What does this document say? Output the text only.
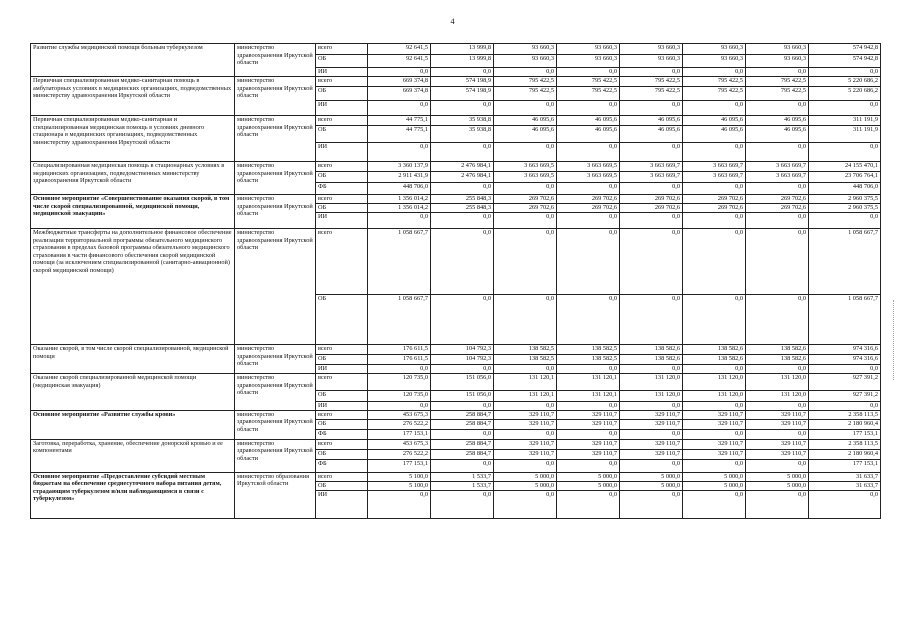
4
Развитие службы медицинской помощи больным туберкулезом	министерство здравоохранения Иркутской области	всего	92 641,5	13 999,8	93 660,3	93 660,3	93 660,3	93 660,3	93 660,3	574 942,8
		ОБ	92 641,5	13 999,8	93 660,3	93 660,3	93 660,3	93 660,3	93 660,3	574 942,8
		ИИ	0,0	0,0	0,0	0,0	0,0	0,0	0,0	0,0
Первичная специализированная медико-санитарная помощь в амбулаторных условиях в медицинских организациях, подведомственных министерству здравоохранения Иркутской области	министерство здравоохранения Иркутской области	всего	669 374,8	574 198,9	795 422,5	795 422,5	795 422,5	795 422,5	795 422,5	5 220 686,2
		ОБ	669 374,8	574 198,9	795 422,5	795 422,5	795 422,5	795 422,5	795 422,5	5 220 686,2
		ИИ	0,0	0,0	0,0	0,0	0,0	0,0	0,0	0,0
Первичная специализированная медико-санитарная и специализированная медицинская помощь в условиях дневного стационара в медицинских организациях, подведомственных министерству здравоохранения Иркутской области	министерство здравоохранения Иркутской области	всего	44 775,1	35 938,8	46 095,6	46 095,6	46 095,6	46 095,6	46 095,6	311 191,9
		ОБ	44 775,1	35 938,8	46 095,6	46 095,6	46 095,6	46 095,6	46 095,6	311 191,9
		ИИ	0,0	0,0	0,0	0,0	0,0	0,0	0,0	0,0
Специализированная медицинская помощь в стационарных условиях в медицинских организациях, подведомственных министерству здравоохранения Иркутской области	министерство здравоохранения Иркутской области	всего	3 360 137,9	2 476 984,1	3 663 669,5	3 663 669,5	3 663 669,7	3 663 669,7	3 663 669,7	24 155 470,1
		ОБ	2 911 431,9	2 476 984,1	3 663 669,5	3 663 669,5	3 663 669,7	3 663 669,7	3 663 669,7	23 706 764,1
		ФБ	448 706,0	0,0	0,0	0,0	0,0	0,0	0,0	448 706,0
Основное мероприятие «Совершенствование оказания скорой, в том числе скорой специализированной, медицинской помощи, медицинской эвакуации»	министерство здравоохранения Иркутской области	всего	1 356 014,2	255 848,3	269 702,6	269 702,6	269 702,6	269 702,6	269 702,6	2 960 375,5
		ОБ	1 356 014,2	255 848,3	269 702,6	269 702,6	269 702,6	269 702,6	269 702,6	2 960 375,5
		ИИ	0,0	0,0	0,0	0,0	0,0	0,0	0,0	0,0
Межбюджетные трансферты на дополнительное финансовое обеспечение реализации территориальной программы обязательного медицинского страхования в пределах базовой программы обязательного медицинского страхования в части финансового обеспечения скорой медицинской помощи (за исключением специализированной (санитарно-авиационной) скорой медицинской помощи)	министерство здравоохранения Иркутской области	всего	1 058 667,7	0,0	0,0	0,0	0,0	0,0	0,0	1 058 667,7
		ОБ	1 058 667,7	0,0	0,0	0,0	0,0	0,0	0,0	1 058 667,7
Оказание скорой, в том числе скорой специализированной, медицинской помощи	министерство здравоохранения Иркутской области	всего	176 611,5	104 792,3	138 582,5	138 582,5	138 582,6	138 582,6	138 582,6	974 316,6
		ОБ	176 611,5	104 792,3	138 582,5	138 582,5	138 582,6	138 582,6	138 582,6	974 316,6
		ИИ	0,0	0,0	0,0	0,0	0,0	0,0	0,0	0,0
Оказание скорой специализированной медицинской помощи (медицинская эвакуация)	министерство здравоохранения Иркутской области	всего	120 735,0	151 056,0	131 120,1	131 120,1	131 120,0	131 120,0	131 120,0	927 391,2
		ОБ	120 735,0	151 056,0	131 120,1	131 120,1	131 120,0	131 120,0	131 120,0	927 391,2
		ИИ	0,0	0,0	0,0	0,0	0,0	0,0	0,0	0,0
Основное мероприятие «Развитие службы крови»	министерство здравоохранения Иркутской области	всего	453 675,3	258 884,7	329 110,7	329 110,7	329 110,7	329 110,7	329 110,7	2 358 113,5
		ОБ	276 522,2	258 884,7	329 110,7	329 110,7	329 110,7	329 110,7	329 110,7	2 180 960,4
		ФБ	177 153,1	0,0	0,0	0,0	0,0	0,0	0,0	177 153,1
Заготовка, переработка, хранение, обеспечение донорской кровью и ее компонентами	министерство здравоохранения Иркутской области	всего	453 675,3	258 884,7	329 110,7	329 110,7	329 110,7	329 110,7	329 110,7	2 358 113,5
		ОБ	276 522,2	258 884,7	329 110,7	329 110,7	329 110,7	329 110,7	329 110,7	2 180 960,4
		ФБ	177 153,1	0,0	0,0	0,0	0,0	0,0	0,0	177 153,1
Основное мероприятие «Предоставление субсидий местным бюджетам на обеспечение среднесуточного набора питания детям, страдающим туберкулезом и/или наблюдающимся в связи с туберкулезом»	министерство образования Иркутской области	всего	5 100,0	1 533,7	5 000,0	5 000,0	5 000,0	5 000,0	5 000,0	31 633,7
		ОБ	5 100,0	1 533,7	5 000,0	5 000,0	5 000,0	5 000,0	5 000,0	31 633,7
		ИИ	0,0	0,0	0,0	0,0	0,0	0,0	0,0	0,0
